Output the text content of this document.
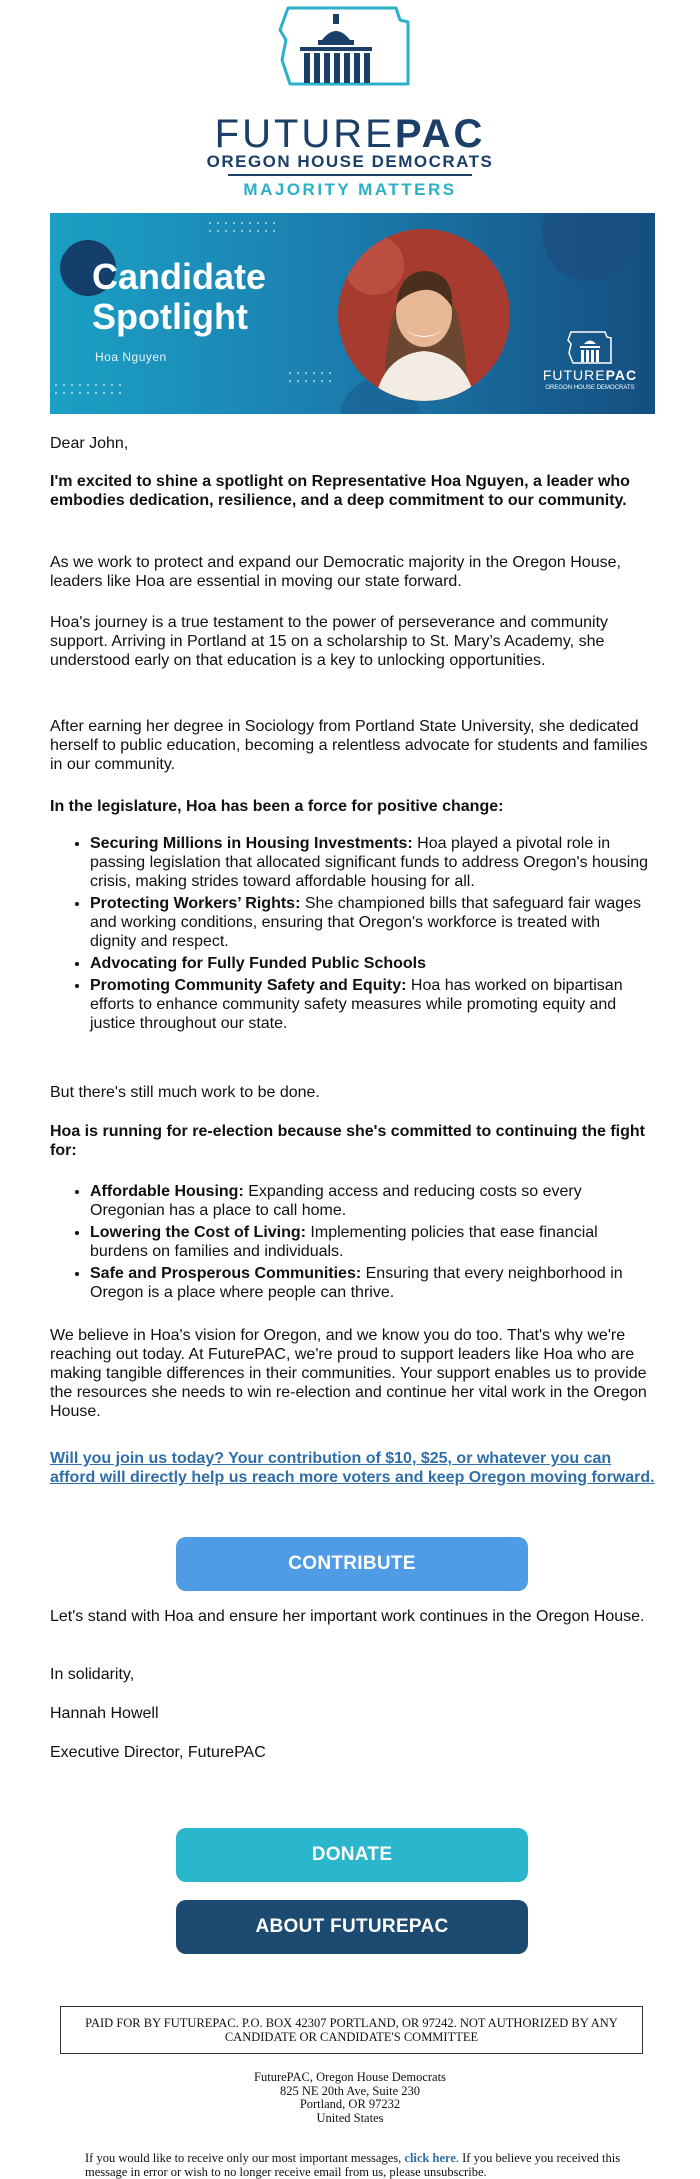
FUTUREPAC
OREGON HOUSE DEMOCRATS
MAJORITY MATTERS
Candidate
Spotlight
Hoa Nguyen
FUTUREPAC
OREGON HOUSE DEMOCRATS
Dear John,
I'm excited to shine a spotlight on Representative Hoa Nguyen, a leader who embodies dedication, resilience, and a deep commitment to our community.
As we work to protect and expand our Democratic majority in the Oregon House, leaders like Hoa are essential in moving our state forward.
Hoa's journey is a true testament to the power of perseverance and community support. Arriving in Portland at 15 on a scholarship to St. Mary’s Academy, she understood early on that education is a key to unlocking opportunities.
After earning her degree in Sociology from Portland State University, she dedicated herself to public education, becoming a relentless advocate for students and families in our community.
In the legislature, Hoa has been a force for positive change:
• Securing Millions in Housing Investments: Hoa played a pivotal role in passing legislation that allocated significant funds to address Oregon's housing crisis, making strides toward affordable housing for all.
• Protecting Workers’ Rights: She championed bills that safeguard fair wages and working conditions, ensuring that Oregon's workforce is treated with dignity and respect.
• Advocating for Fully Funded Public Schools
• Promoting Community Safety and Equity: Hoa has worked on bipartisan efforts to enhance community safety measures while promoting equity and justice throughout our state.
But there's still much work to be done.
Hoa is running for re-election because she's committed to continuing the fight for:
• Affordable Housing: Expanding access and reducing costs so every Oregonian has a place to call home.
• Lowering the Cost of Living: Implementing policies that ease financial burdens on families and individuals.
• Safe and Prosperous Communities: Ensuring that every neighborhood in Oregon is a place where people can thrive.
We believe in Hoa's vision for Oregon, and we know you do too. That's why we're reaching out today. At FuturePAC, we're proud to support leaders like Hoa who are making tangible differences in their communities. Your support enables us to provide the resources she needs to win re-election and continue her vital work in the Oregon House.
Will you join us today? Your contribution of $10, $25, or whatever you can afford will directly help us reach more voters and keep Oregon moving forward.
CONTRIBUTE
Let's stand with Hoa and ensure her important work continues in the Oregon House.
In solidarity,
Hannah Howell
Executive Director, FuturePAC
DONATE
ABOUT FUTUREPAC
PAID FOR BY FUTUREPAC. P.O. BOX 42307 PORTLAND, OR 97242. NOT AUTHORIZED BY ANY CANDIDATE OR CANDIDATE'S COMMITTEE
FuturePAC, Oregon House Democrats
825 NE 20th Ave, Suite 230
Portland, OR 97232
United States
If you would like to receive only our most important messages, click here. If you believe you received this message in error or wish to no longer receive email from us, please unsubscribe.
